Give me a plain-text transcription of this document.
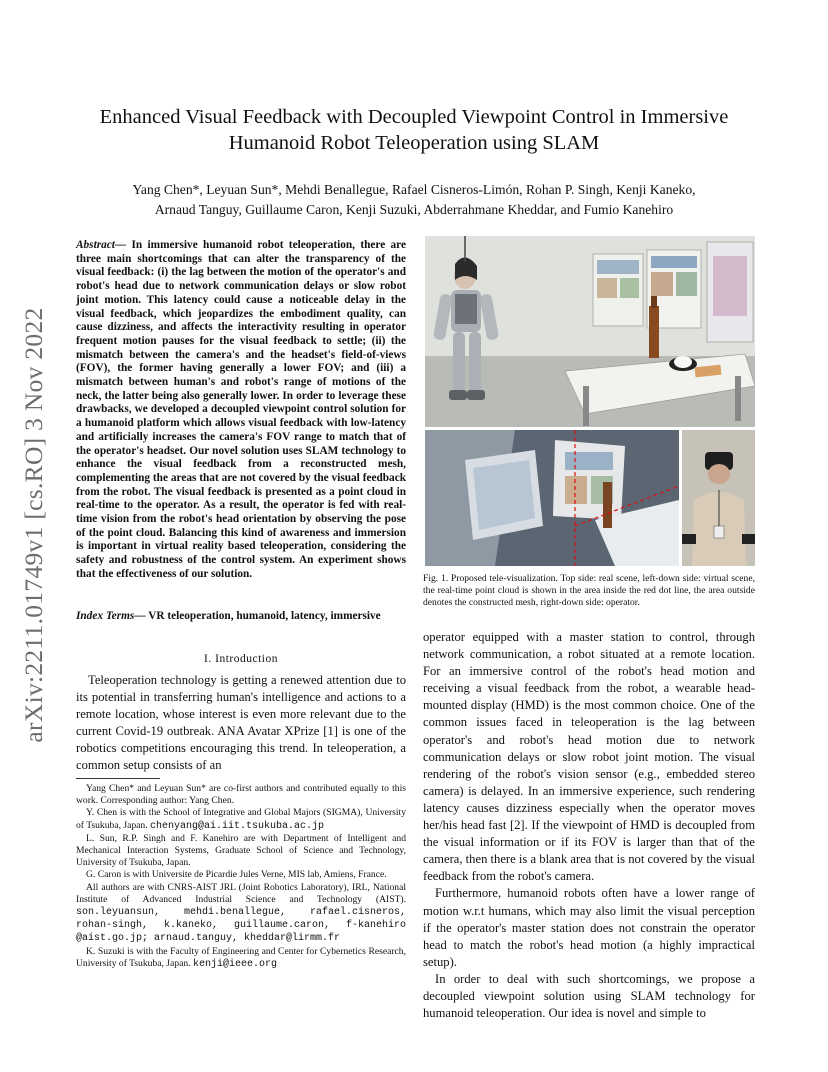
arXiv:2211.01749v1 [cs.RO] 3 Nov 2022
Enhanced Visual Feedback with Decoupled Viewpoint Control in Immersive Humanoid Robot Teleoperation using SLAM
Yang Chen*, Leyuan Sun*, Mehdi Benallegue, Rafael Cisneros-Limón, Rohan P. Singh, Kenji Kaneko,
Arnaud Tanguy, Guillaume Caron, Kenji Suzuki, Abderrahmane Kheddar, and Fumio Kanehiro
Abstract— In immersive humanoid robot teleoperation, there are three main shortcomings that can alter the transparency of the visual feedback: (i) the lag between the motion of the operator's and robot's head due to network communication delays or slow robot joint motion. This latency could cause a noticeable delay in the visual feedback, which jeopardizes the embodiment quality, can cause dizziness, and affects the interactivity resulting in operator frequent motion pauses for the visual feedback to settle; (ii) the mismatch between the camera's and the headset's field-of-views (FOV), the former having generally a lower FOV; and (iii) a mismatch between human's and robot's range of motions of the neck, the latter being also generally lower. In order to leverage these drawbacks, we developed a decoupled viewpoint control solution for a humanoid platform which allows visual feedback with low-latency and artificially increases the camera's FOV range to match that of the operator's headset. Our novel solution uses SLAM technology to enhance the visual feedback from a reconstructed mesh, complementing the areas that are not covered by the visual feedback from the robot. The visual feedback is presented as a point cloud in real-time to the operator. As a result, the operator is fed with real-time vision from the robot's head orientation by observing the pose of the point cloud. Balancing this kind of awareness and immersion is important in virtual reality based teleoperation, considering the safety and robustness of the control system. An experiment shows that the effectiveness of our solution.
Index Terms— VR teleoperation, humanoid, latency, immersive
I. Introduction
Teleoperation technology is getting a renewed attention due to its potential in transferring human's intelligence and actions to a remote location, whose interest is even more relevant due to the current Covid-19 outbreak. ANA Avatar XPrize [1] is one of the robotics competitions encouraging this trend. In teleoperation, a common setup consists of an

Yang Chen* and Leyuan Sun* are co-first authors and contributed equally to this work. Corresponding author: Yang Chen.

Y. Chen is with the School of Integrative and Global Majors (SIGMA), University of Tsukuba, Japan. chenyang@ai.iit.tsukuba.ac.jp

L. Sun, R.P. Singh and F. Kanehiro are with Department of Intelligent and Mechanical Interaction Systems, Graduate School of Science and Technology, University of Tsukuba, Japan.

G. Caron is with Universite de Picardie Jules Verne, MIS lab, Amiens, France.

All authors are with CNRS-AIST JRL (Joint Robotics Laboratory), IRL, National Institute of Advanced Industrial Science and Technology (AIST). son.leyuansun, mehdi.benallegue, rafael.cisneros, rohan-singh, k.kaneko, guillaume.caron, f-kanehiro @aist.go.jp; arnaud.tanguy, kheddar@lirmm.fr

K. Suzuki is with the Faculty of Engineering and Center for Cybernetics Research, University of Tsukuba, Japan. kenji@ieee.org

Fig. 1. Proposed tele-visualization. Top side: real scene, left-down side: virtual scene, the real-time point cloud is shown in the area inside the red dot line, the area outside denotes the constructed mesh, right-down side: operator.

operator equipped with a master station to control, through network communication, a robot situated at a remote location. For an immersive control of the robot's head motion and receiving a visual feedback from the robot, a wearable head-mounted display (HMD) is the most common choice. One of the common issues faced in teleoperation is the lag between operator's and robot's head motion due to network communication delays or slow robot joint motion. The visual rendering of the robot's vision sensor (e.g., embedded stereo camera) is delayed. In an immersive experience, such rendering latency causes dizziness especially when the operator moves her/his head fast [2]. If the viewpoint of HMD is decoupled from the visual information or if its FOV is larger than that of the camera, then there is a blank area that is not covered by the visual feedback from the robot's camera.

Furthermore, humanoid robots often have a lower range of motion w.r.t humans, which may also limit the visual perception if the operator's master station does not constrain the operator head to match the robot's head motion (a highly impractical setup).

In order to deal with such shortcomings, we propose a decoupled viewpoint solution using SLAM technology for humanoid teleoperation. Our idea is novel and simple to
